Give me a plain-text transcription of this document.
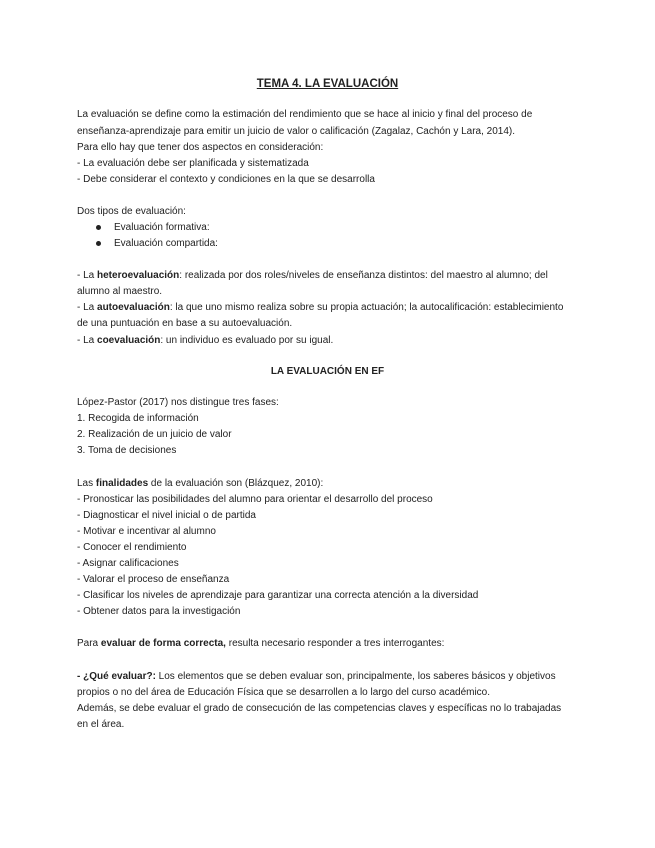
TEMA 4. LA EVALUACIÓN
La evaluación se define como la estimación del rendimiento que se hace al inicio y final del proceso de
enseñanza-aprendizaje para emitir un juicio de valor o calificación (Zagalaz, Cachón y Lara, 2014).
Para ello hay que tener dos aspectos en consideración:
- La evaluación debe ser planificada y sistematizada
- Debe considerar el contexto y condiciones en la que se desarrolla
Dos tipos de evaluación:
Evaluación formativa:
Evaluación compartida:
- La heteroevaluación: realizada por dos roles/niveles de enseñanza distintos: del maestro al alumno; del
alumno al maestro.
- La autoevaluación: la que uno mismo realiza sobre su propia actuación; la autocalificación: establecimiento
de una puntuación en base a su autoevaluación.
- La coevaluación: un individuo es evaluado por su igual.
LA EVALUACIÓN EN EF
López-Pastor (2017) nos distingue tres fases:
1. Recogida de información
2. Realización de un juicio de valor
3. Toma de decisiones
Las finalidades de la evaluación son (Blázquez, 2010):
- Pronosticar las posibilidades del alumno para orientar el desarrollo del proceso
- Diagnosticar el nivel inicial o de partida
- Motivar e incentivar al alumno
- Conocer el rendimiento
- Asignar calificaciones
- Valorar el proceso de enseñanza
- Clasificar los niveles de aprendizaje para garantizar una correcta atención a la diversidad
- Obtener datos para la investigación
Para evaluar de forma correcta, resulta necesario responder a tres interrogantes:
- ¿Qué evaluar?: Los elementos que se deben evaluar son, principalmente, los saberes básicos y objetivos
propios o no del área de Educación Física que se desarrollen a lo largo del curso académico.
Además, se debe evaluar el grado de consecución de las competencias claves y específicas no lo trabajadas
en el área.
